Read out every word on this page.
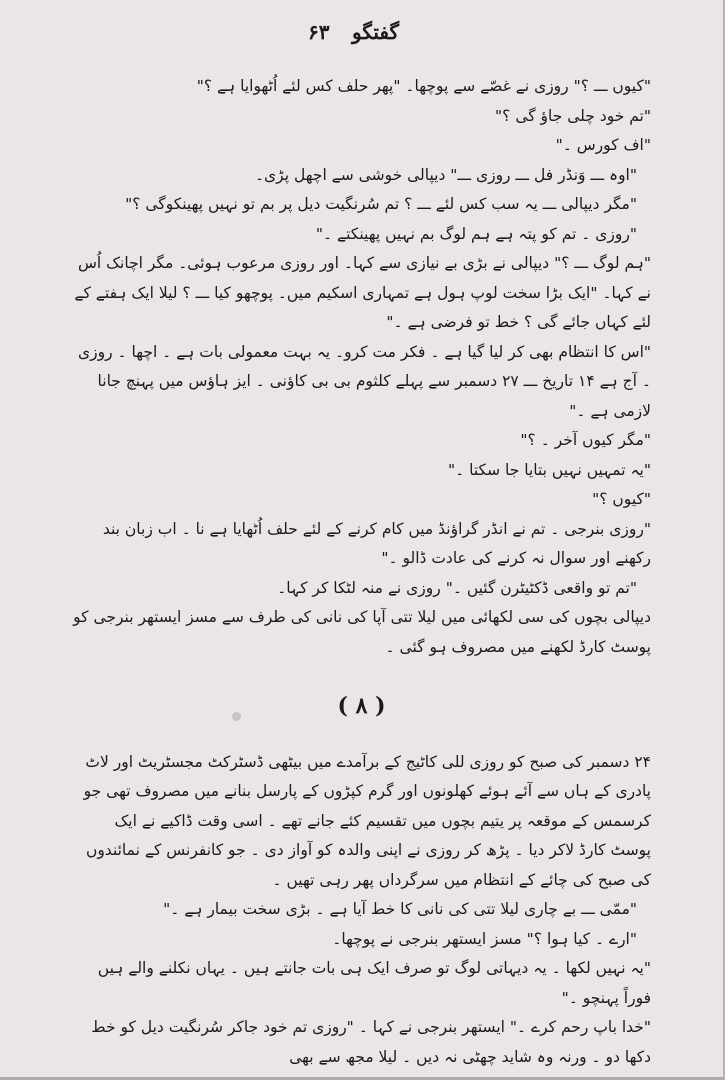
گفتگو
۶۳

"کیوں ـــ ؟" روزی نے غصّے سے پوچھا۔ "پھر حلف کس لئے اُٹھوایا ہے ؟"

"تم خود چلی جاؤ گی ؟"

"اف کورس ۔"

"اوہ ـــ وَنڈر فل ـــ روزی ـــ" دیپالی خوشی سے اچھل پڑی۔

"مگر دیپالی ـــ یہ سب کس لئے ـــ ؟ تم سُرنگیت دیل پر بم تو نہیں پھینکوگی ؟"

"روزی ۔ تم کو پتہ ہے ہم لوگ بم نہیں پھینکتے ۔"

"ہم لوگ ـــ ؟" دیپالی نے بڑی بے نیازی سے کہا۔ اور روزی مرعوب ہوئی۔ مگر اچانک اُس نے کہا۔ "ایک بڑا سخت لوپ ہول ہے تمہاری اسکیم میں۔ پوچھو کیا ـــ ؟ لیلا ایک ہفتے کے لئے کہاں جائے گی ؟ خط تو فرضی ہے ۔"

"اس کا انتظام بھی کر لیا گیا ہے ۔ فکر مت کرو۔ یہ بہت معمولی بات ہے ۔ اچھا ۔ روزی ۔ آج ہے ۱۴ تاریخ ـــ ۲۷ دسمبر سے پہلے کلثوم بی بی کاؤنی ۔ ایز ہاؤس میں پہنچ جانا لازمی ہے ۔"

"مگر کیوں آخر ۔ ؟"

"یہ تمہیں نہیں بتایا جا سکتا ۔"

"کیوں ؟"

"روزی بنرجی ۔ تم نے انڈر گراؤنڈ میں کام کرنے کے لئے حلف اُٹھایا ہے نا ۔ اب زبان بند رکھنے اور سوال نہ کرنے کی عادت ڈالو ۔"

"تم تو واقعی ڈکٹیٹرن گئیں ۔" روزی نے منہ لٹکا کر کہا۔

دیپالی بچوں کی سی لکھائی میں لیلا تتی آپا کی نانی کی طرف سے مسز ایستھر بنرجی کو پوسٹ کارڈ لکھنے میں مصروف ہو گئی ۔

( ۸ )

۲۴ دسمبر کی صبح کو روزی للی کاٹیج کے برآمدے میں بیٹھی ڈسٹرکٹ مجسٹریٹ اور لاٹ پادری کے ہاں سے آئے ہوئے کھلونوں اور گرم کپڑوں کے پارسل بنانے میں مصروف تھی جو کرسمس کے موقعہ پر یتیم بچوں میں تقسیم کئے جانے تھے ۔ اسی وقت ڈاکیے نے ایک پوسٹ کارڈ لاکر دیا ۔ پڑھ کر روزی نے اپنی والدہ کو آواز دی ۔ جو کانفرنس کے نمائندوں کی صبح کی چائے کے انتظام میں سرگرداں پھر رہی تھیں ۔

"ممّی ـــ بے چاری لیلا تتی کی نانی کا خط آیا ہے ۔ بڑی سخت بیمار ہے ۔"

"ارے ۔ کیا ہوا ؟" مسز ایستھر بنرجی نے پوچھا۔

"یہ نہیں لکھا ۔ یہ دیہاتی لوگ تو صرف ایک ہی بات جانتے ہیں ۔ یہاں نکلنے والے ہیں فوراً پہنچو ۔"

"خدا باپ رحم کرے ۔" ایستھر بنرجی نے کہا ۔ "روزی تم خود جاکر سُرنگیت دیل کو خط دکھا دو ۔ ورنہ وہ شاید چھٹی نہ دیں ۔ لیلا مجھ سے بھی
